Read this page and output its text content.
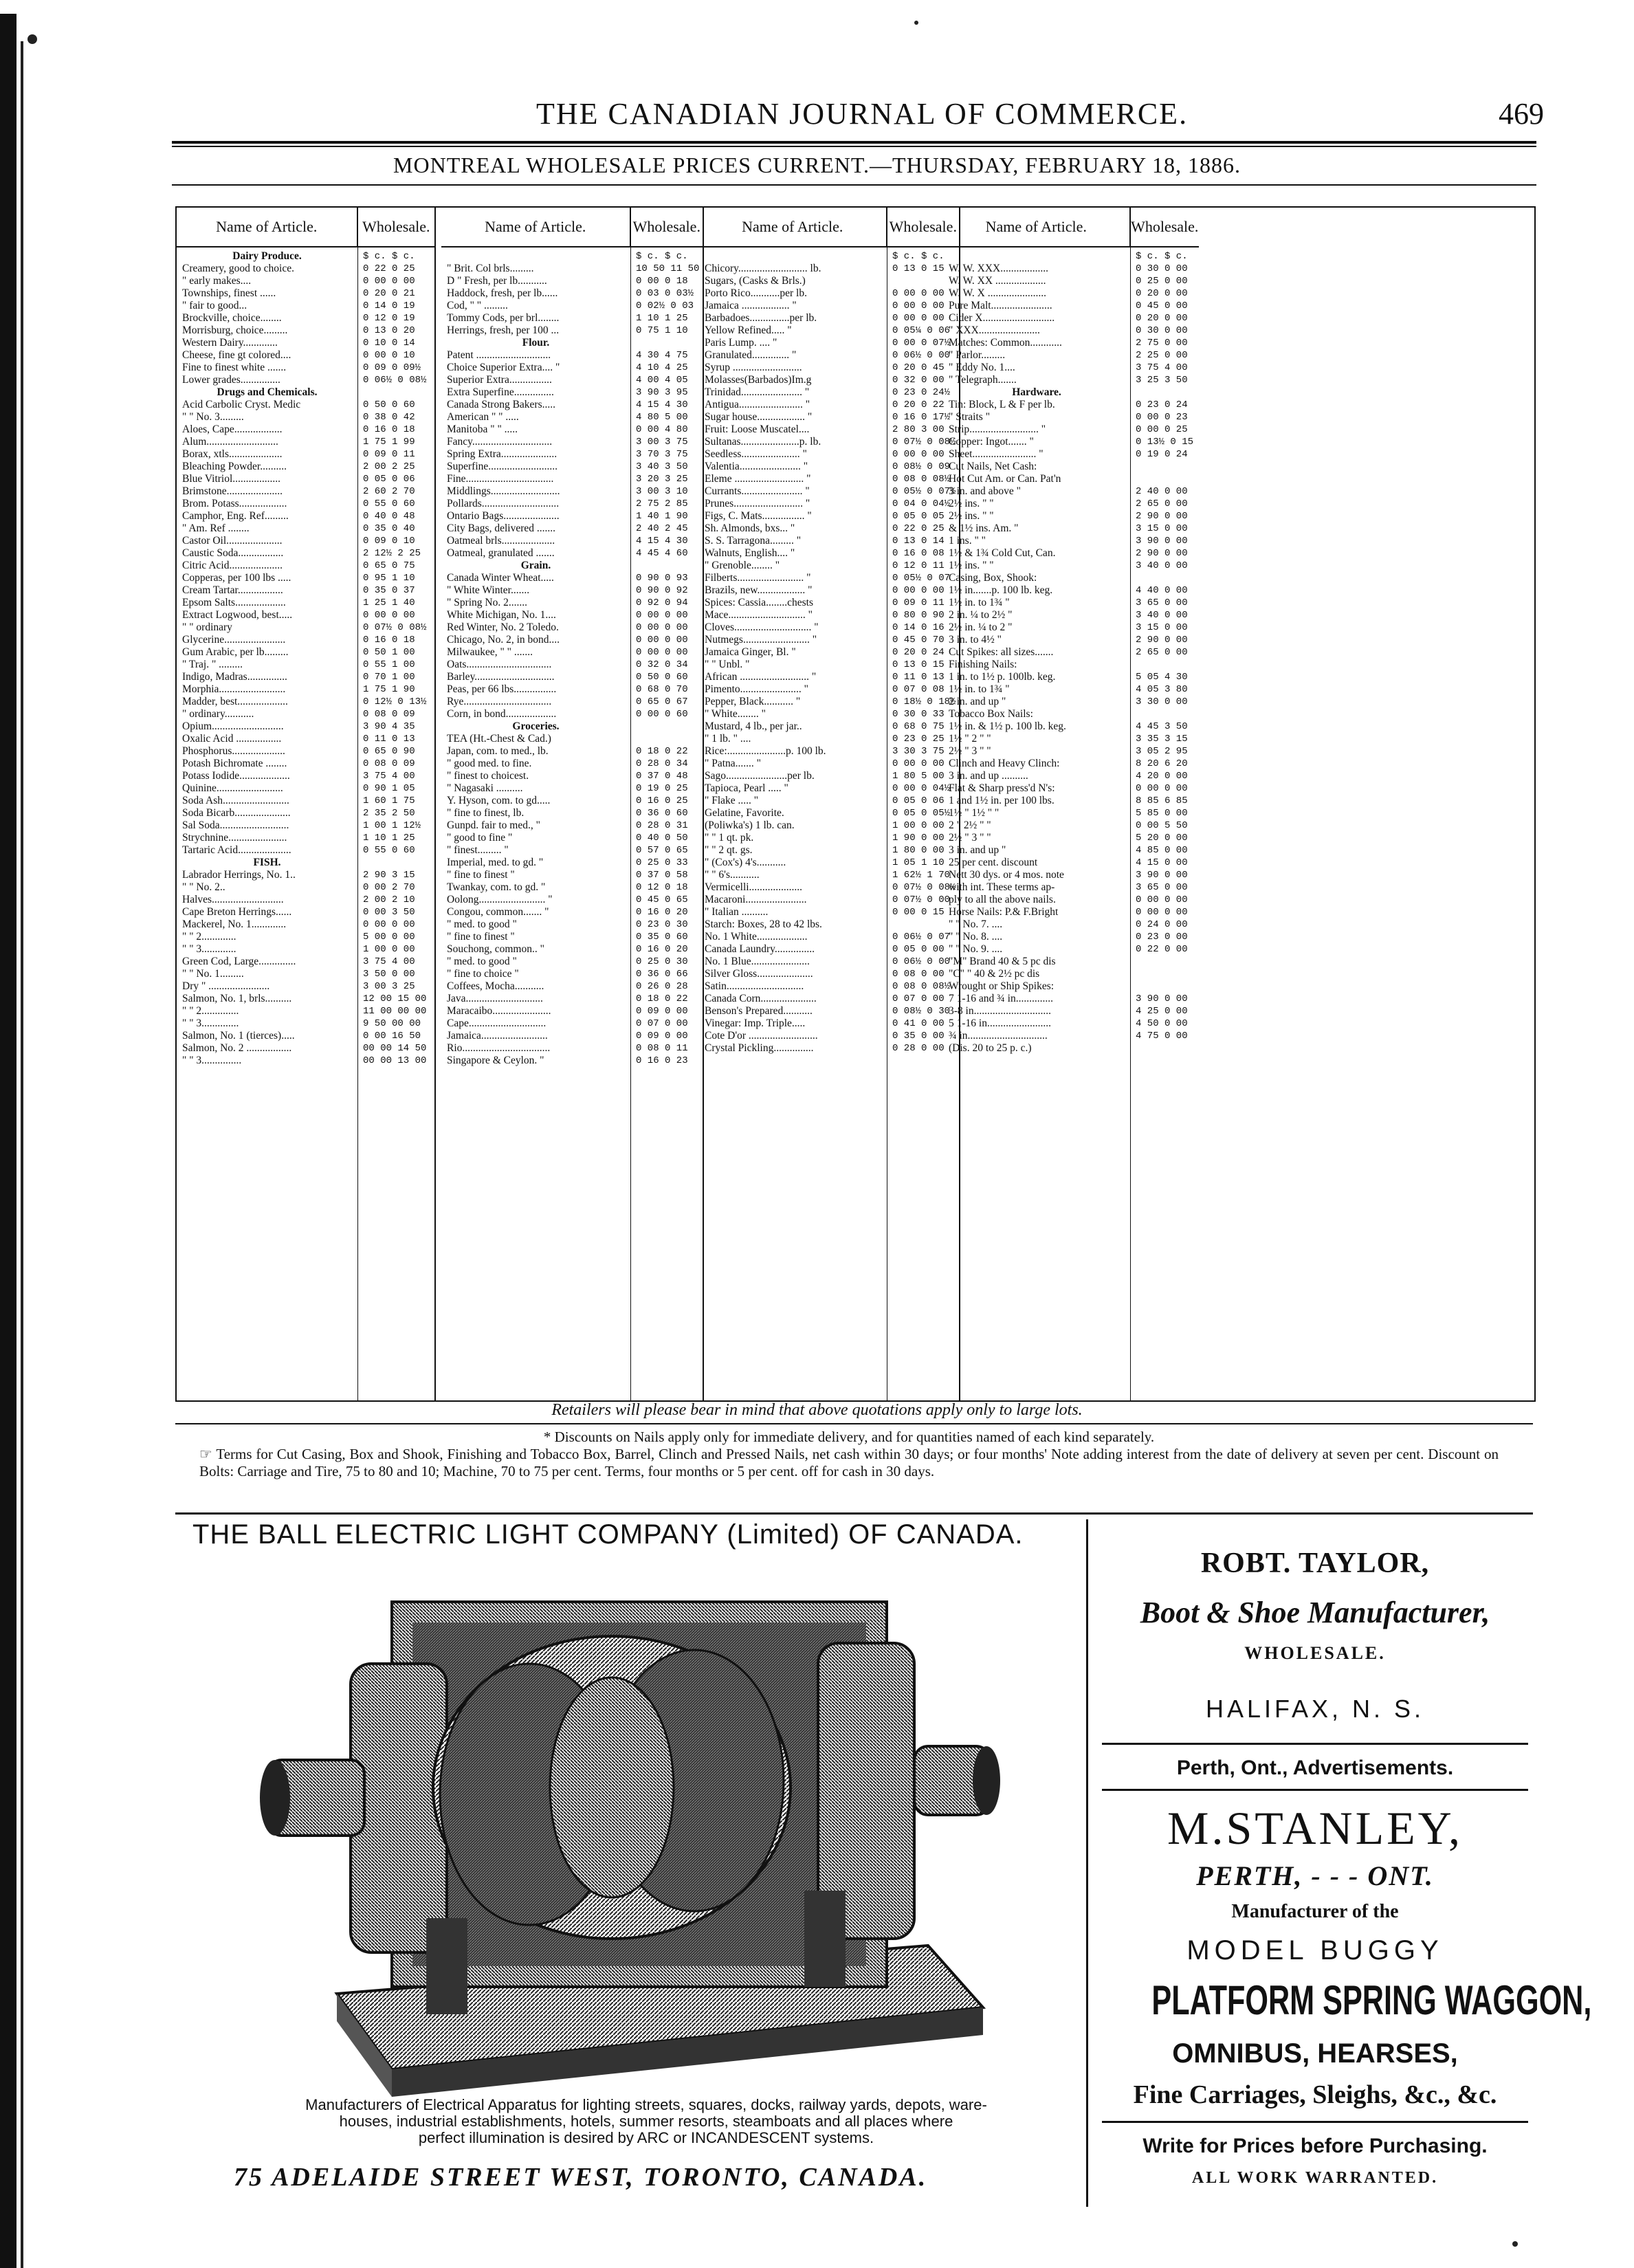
THE CANADIAN JOURNAL OF COMMERCE.	469
MONTREAL WHOLESALE PRICES CURRENT.—THURSDAY, FEBRUARY 18, 1886.
Name of Article.	Wholesale.
Dairy Produce.	$ c. $ c.
Creamery, good to choice.	0 22 0 25
" early makes....	0 00 0 00
Townships, finest ......	0 20 0 21
" fair to good...	0 14 0 19
Brockville, choice........	0 12 0 19
Morrisburg, choice.........	0 13 0 20
Western Dairy.............	0 10 0 14
Cheese, fine gt colored....	0 00 0 10
Fine to finest white .......	0 09 0 09½
Lower grades...............	0 06½ 0 08½
Drugs and Chemicals.
Acid Carbolic Cryst. Medic	0 50 0 60
" " No. 3.........	0 38 0 42
Aloes, Cape..................	0 16 0 18
Alum...........................	1 75 1 99
Borax, xtls....................	0 09 0 11
Bleaching Powder..........	2 00 2 25
Blue Vitriol..................	0 05 0 06
Brimstone.....................	2 60 2 70
Brom. Potass..................	0 55 0 60
Camphor, Eng. Ref.........	0 40 0 48
" Am. Ref ........	0 35 0 40
Castor Oil.....................	0 09 0 10
Caustic Soda.................	2 12½ 2 25
Citric Acid....................	0 65 0 75
Copperas, per 100 lbs .....	0 95 1 10
Cream Tartar.................	0 35 0 37
Epsom Salts...................	1 25 1 40
Extract Logwood, best.....	0 00 0 00
" " ordinary	0 07½ 0 08½
Glycerine.......................	0 16 0 18
Gum Arabic, per lb.........	0 50 1 00
" Traj. " .........	0 55 1 00
Indigo, Madras...............	0 70 1 00
Morphia.........................	1 75 1 90
Madder, best...................	0 12½ 0 13½
" ordinary...........	0 08 0 09
Opium...........................	3 90 4 35
Oxalic Acid .................	0 11 0 13
Phosphorus....................	0 65 0 90
Potash Bichromate ........	0 08 0 09
Potass Iodide...................	3 75 4 00
Quinine.........................	0 90 1 05
Soda Ash.........................	1 60 1 75
Soda Bicarb.....................	2 35 2 50
Sal Soda..........................	1 00 1 12½
Strychnine......................	1 10 1 25
Tartaric Acid....................	0 55 0 60
FISH.
Labrador Herrings, No. 1..	2 90 3 15
" " No. 2..	0 00 2 70
Halves...........................	2 00 2 10
Cape Breton Herrings......	0 00 3 50
Mackerel, No. 1.............	0 00 0 00
" " 2.............	5 00 0 00
" " 3.............	1 00 0 00
Green Cod, Large..............	3 75 4 00
" " No. 1.........	3 50 0 00
Dry " .......................	3 00 3 25
Salmon, No. 1, brls..........	12 00 15 00
" " 2..............	11 00 00 00
" " 3..............	9 50 00 00
Salmon, No. 1 (tierces).....	0 00 16 50
Salmon, No. 2 .................	00 00 14 50
" " 3...............	00 00 13 00
Name of Article.	Wholesale.
$ c. $ c.
" Brit. Col brls.........	10 50 11 50
D " Fresh, per lb...........	0 00 0 18
Haddock, fresh, per lb......	0 03 0 03½
Cod, " " .........	0 02½ 0 03
Tommy Cods, per brl........	1 10 1 25
Herrings, fresh, per 100 ...	0 75 1 10
Flour.
Patent ............................	4 30 4 75
Choice Superior Extra.... "	4 10 4 25
Superior Extra................	4 00 4 05
Extra Superfine...............	3 90 3 95
Canada Strong Bakers.....	4 15 4 30
American " " .....	4 80 5 00
Manitoba " " .....	0 00 4 80
Fancy..............................	3 00 3 75
Spring Extra.....................	3 70 3 75
Superfine..........................	3 40 3 50
Fine.................................	3 20 3 25
Middlings..........................	3 00 3 10
Pollards.............................	2 75 2 85
Ontario Bags.....................	1 40 1 90
City Bags, delivered .......	2 40 2 45
Oatmeal brls....................	4 15 4 30
Oatmeal, granulated .......	4 45 4 60
Grain.
Canada Winter Wheat.....	0 90 0 93
" White Winter.......	0 90 0 92
" Spring No. 2.......	0 92 0 94
White Michigan, No. 1....	0 00 0 00
Red Winter, No. 2 Toledo.	0 00 0 00
Chicago, No. 2, in bond....	0 00 0 00
Milwaukee, " " .......	0 00 0 00
Oats................................	0 32 0 34
Barley..............................	0 50 0 60
Peas, per 66 lbs................	0 68 0 70
Rye.................................	0 65 0 67
Corn, in bond...................	0 00 0 60
Groceries.
TEA (Ht.-Chest & Cad.)
Japan, com. to med., lb.	0 18 0 22
" good med. to fine.	0 28 0 34
" finest to choicest.	0 37 0 48
" Nagasaki ..........	0 19 0 25
Y. Hyson, com. to gd.....	0 16 0 25
" fine to finest, lb.	0 36 0 60
Gunpd. fair to med., "	0 28 0 31
" good to fine "	0 40 0 50
" finest......... "	0 57 0 65
Imperial, med. to gd. "	0 25 0 33
" fine to finest "	0 37 0 58
Twankay, com. to gd. "	0 12 0 18
Oolong......................... "	0 45 0 65
Congou, common....... "	0 16 0 20
" med. to good "	0 23 0 30
" fine to finest "	0 35 0 60
Souchong, common.. "	0 16 0 20
" med. to good "	0 25 0 30
" fine to choice "	0 36 0 66
Coffees, Mocha...........	0 26 0 28
Java.............................	0 18 0 22
Maracaibo......................	0 09 0 00
Cape.............................	0 07 0 00
Jamaica.........................	0 09 0 00
Rio.................................	0 08 0 11
Singapore & Ceylon. "	0 16 0 23
Name of Article.	Wholesale.
$ c. $ c.
Chicory.......................... lb.	0 13 0 15
Sugars, (Casks & Brls.)
Porto Rico...........per lb.	0 00 0 00
Jamaica .................. "	0 00 0 00
Barbadoes...............per lb.	0 00 0 00
Yellow Refined..... "	0 05¼ 0 06
Paris Lump. .... "	0 00 0 07½
Granulated.............. "	0 06½ 0 00
Syrup ..........................	0 20 0 45
Molasses(Barbados)Im.g	0 32 0 00
Trinidad....................... "	0 23 0 24½
Antigua........................ "	0 20 0 22
Sugar house.................. "	0 16 0 17½
Fruit: Loose Muscatel....	2 80 3 00
Sultanas......................p. lb.	0 07½ 0 08½
Seedless...................... "	0 00 0 00
Valentia....................... "	0 08½ 0 09
Eleme .......................... "	0 08 0 08½
Currants....................... "	0 05½ 0 07½
Prunes.......................... "	0 04 0 04½
Figs, C. Mats................ "	0 05 0 05
Sh. Almonds, bxs... "	0 22 0 25
S. S. Tarragona......... "	0 13 0 14
Walnuts, English.... "	0 16 0 08
" Grenoble........ "	0 12 0 11
Filberts......................... "	0 05½ 0 07
Brazils, new.................. "	0 00 0 00
Spices: Cassia........chests	0 09 0 11
Mace............................. "	0 80 0 90
Cloves............................. "	0 14 0 16
Nutmegs......................... "	0 45 0 70
Jamaica Ginger, Bl. "	0 20 0 24
" " Unbl. "	0 13 0 15
African .......................... "	0 11 0 13
Pimento....................... "	0 07 0 08
Pepper, Black........... "	0 18½ 0 18½
" White........ "	0 30 0 33
Mustard, 4 lb., per jar..	0 68 0 75
" 1 lb. " ....	0 23 0 25
Rice:......................p. 100 lb.	3 30 3 75
" Patna....... "	0 00 0 00
Sago.......................per lb.	1 80 5 00
Tapioca, Pearl ..... "	0 00 0 04½
" Flake ..... "	0 05 0 06
Gelatine, Favorite.	0 05 0 05½
(Poliwka's) 1 lb. can.	1 00 0 00
" " 1 qt. pk.	1 90 0 00
" " 2 qt. gs.	1 80 0 00
" (Cox's) 4's...........	1 05 1 10
" " 6's...........	1 62½ 1 70
Vermicelli....................	0 07½ 0 08½
Macaroni.......................	0 07½ 0 00
" Italian ..........	0 00 0 15
Starch: Boxes, 28 to 42 lbs.
No. 1 White...................	0 06½ 0 07
Canada Laundry...............	0 05 0 00
No. 1 Blue......................	0 06½ 0 00
Silver Gloss.....................	0 08 0 00
Satin.............................	0 08 0 08½
Canada Corn.....................	0 07 0 00
Benson's Prepared...........	0 08½ 0 30
Vinegar: Imp. Triple.....	0 41 0 00
Cote D'or ..........................	0 35 0 00
Crystal Pickling...............	0 28 0 00
Name of Article.	Wholesale.
$ c. $ c.
W. W. XXX..................	0 30 0 00
W. W. XX ...................	0 25 0 00
W. W. X ......................	0 20 0 00
Pure Malt.......................	0 45 0 00
Cider X...........................	0 20 0 00
" XXX.......................	0 30 0 00
Matches: Common............	2 75 0 00
" Parlor.........	2 25 0 00
" Eddy No. 1....	3 75 4 00
" Telegraph.......	3 25 3 50
Hardware.
Tin: Block, L & F per lb.	0 23 0 24
" Straits "	0 00 0 23
Strip.......................... "	0 00 0 25
Copper: Ingot....... "	0 13½ 0 15
Sheet........................ "	0 19 0 24
Cut Nails, Net Cash:
Hot Cut Am. or Can. Pat'n
3 in. and above "	2 40 0 00
2½ ins. " "	2 65 0 00
2½ ins. " "	2 90 0 00
& 1½ ins. Am. "	3 15 0 00
1 ins. " "	3 90 0 00
1½ & 1¾ Cold Cut, Can.	2 90 0 00
1½ ins. " "	3 40 0 00
Casing, Box, Shook:
1½ in.......p. 100 lb. keg.	4 40 0 00
1½ in. to 1¾ "	3 65 0 00
2 in. ¼ to 2½ "	3 40 0 00
2½ in. ¼ to 2 "	3 15 0 00
3 in. to 4½ "	2 90 0 00
Cut Spikes: all sizes.......	2 65 0 00
Finishing Nails:
1 in. to 1½ p. 100lb. keg.	5 05 4 30
1½ in. to 1¾ "	4 05 3 80
2 in. and up "	3 30 0 00
Tobacco Box Nails:
1½ in. & 1½ p. 100 lb. keg.	4 45 3 50
1½ " 2 " "	3 35 3 15
2½ " 3 " "	3 05 2 95
Clinch and Heavy Clinch:	8 20 6 20
3 in. and up ..........	4 20 0 00
Flat & Sharp press'd N's:	0 00 0 00
1 and 1½ in. per 100 lbs.	8 85 6 85
1½ " 1½ " "	5 85 0 00
2 " 2½ " "	0 00 5 50
2½ " 3 " "	5 20 0 00
3 in. and up "	4 85 0 00
25 per cent. discount	4 15 0 00
Nett 30 dys. or 4 mos. note	3 90 0 00
with int. These terms ap-	3 65 0 00
ply to all the above nails.	0 00 0 00
Horse Nails: P.& F.Bright	0 00 0 00
" " No. 7. ....	0 24 0 00
" " No. 8. ....	0 23 0 00
" " No. 9. ....	0 22 0 00
"M" Brand 40 & 5 pc dis
"C" " 40 & 2½ pc dis
Wrought or Ship Spikes:
7 1-16 and ¾ in..............	3 90 0 00
3-8 in.............................	4 25 0 00
5 1-16 in........................	4 50 0 00
¾ in..............................	4 75 0 00
(Dis. 20 to 25 p. c.)
Retailers will please bear in mind that above quotations apply only to large lots.

* Discounts on Nails apply only for immediate delivery, and for quantities named of each kind separately.

☞ Terms for Cut Casing, Box and Shook, Finishing and Tobacco Box, Barrel, Clinch and Pressed Nails, net cash within 30 days; or four months' Note adding interest from the date of delivery at seven per cent. Discount on Bolts: Carriage and Tire, 75 to 80 and 10; Machine, 70 to 75 per cent. Terms, four months or 5 per cent. off for cash in 30 days.

THE BALL ELECTRIC LIGHT COMPANY (Limited) OF CANADA.
Manufacturers of Electrical Apparatus for lighting streets, squares, docks, railway yards, depots, ware-
houses, industrial establishments, hotels, summer resorts, steamboats and all places where
perfect illumination is desired by ARC or INCANDESCENT systems.
75 ADELAIDE STREET WEST, TORONTO, CANADA.
ROBT. TAYLOR,
Boot & Shoe Manufacturer,
WHOLESALE.
HALIFAX, N. S.
Perth, Ont., Advertisements.
M.STANLEY,
PERTH, - - - ONT.
Manufacturer of the
MODEL BUGGY
PLATFORM SPRING WAGGON,
OMNIBUS, HEARSES,
Fine Carriages, Sleighs, &c., &c.
Write for Prices before Purchasing.
ALL WORK WARRANTED.
